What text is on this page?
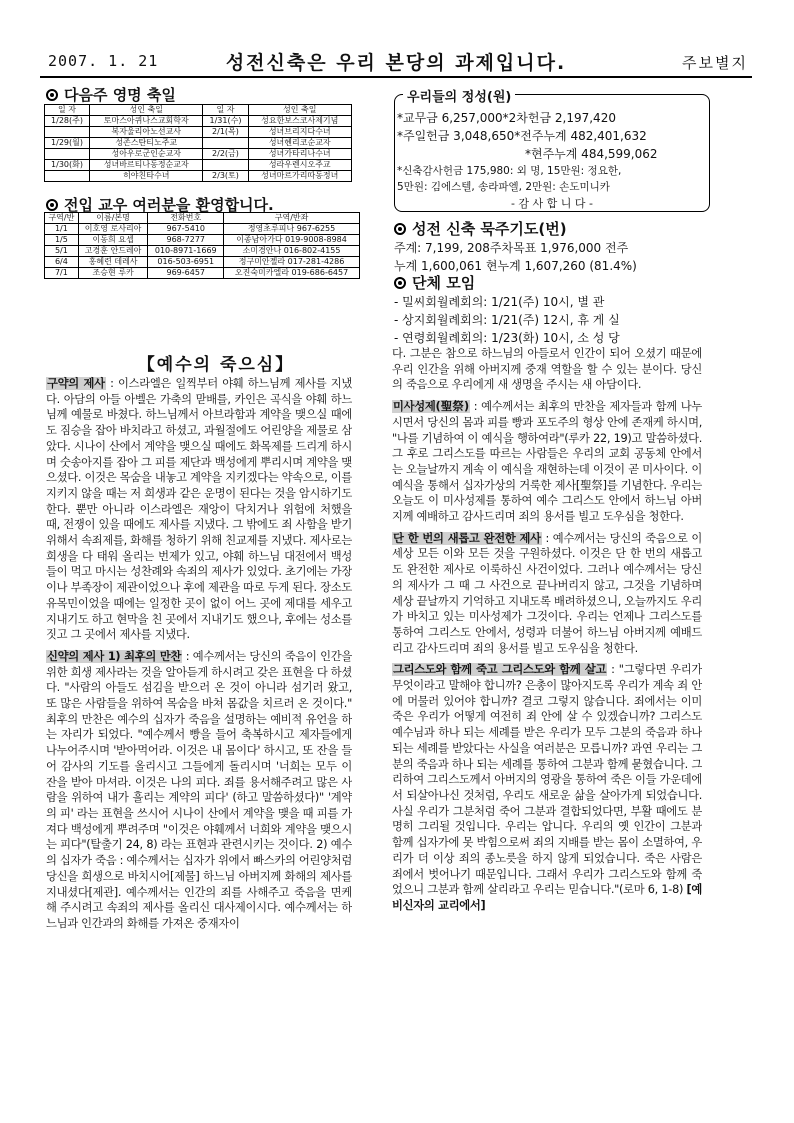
2007. 1. 21	성전신축은 우리 본당의 과제입니다.	주보별지
다음주 영명 축일
일 자	성인 축일	일 자	성인 축일
1/28(주)	토마스아퀴나스교회학자	1/31(수)	성요한보스코사제기념
	복자울리아노선교사	2/1(목)	성녀브리지다수녀
1/29(월)	성존스탄티노주교		성녀헨리코순교자
	성아우로군인순교자	2/2(금)	성녀가타리나수녀
1/30(화)	성녀바르티나동정순교자		성라우렌시오주교
	히야친타수녀	2/3(토)	성녀마르가리따동정녀
전입 교우 여러분을 환영합니다.
구역/반	이름/본명	전화번호	구역/반좌
1/1	이호영 로사리아	967-5410	정영초루피나 967-6255
1/5	이동희 요셉	968-7277	이종남아가다 019-9008-8984
5/1	고경훈 안드레아	010-8971-1669	소미경안나 016-802-4155
6/4	홍혜련 데레사	016-503-6951	정구미안젤라 017-281-4286
7/1	조승현 루카	969-6457	오진숙미카엘라 019-686-6457
우리들의 정성(원)
*교무금 6,257,000*2차헌금 2,197,420
*주일헌금 3,048,650*전주누계 482,401,632
*현주누계 484,599,062
*신축감사헌금 175,980: 외 명, 15만원: 정요한,
5만원: 김에스텔, 송라파엘, 2만원: 손도미니카
- 감 사 합 니 다 -
성전 신축 묵주기도(번)
주계: 7,199, 208주차목표 1,976,000 전주
누계 1,600,061 현누계 1,607,260 (81.4%)
단체 모임
- 밀씨회월례회의: 1/21(주) 10시, 별 관
- 상지회월례회의: 1/21(주) 12시, 휴 게 실
- 연령회월례회의: 1/23(화) 10시, 소 성 당
【예수의 죽으심】

구약의 제사 : 이스라엘은 일찍부터 야훼 하느님께 제사를 지냈다. 아담의 아들 아벨은 가축의 맏배를, 카인은 곡식을 야훼 하느님께 예물로 바쳤다. 하느님께서 아브라함과 계약을 맺으실 때에도 짐승을 잡아 바치라고 하셨고, 과월절에도 어린양을 제물로 삼았다. 시나이 산에서 계약을 맺으실 때에도 화목제를 드리게 하시며 숫송아지를 잡아 그 피를 제단과 백성에게 뿌리시며 계약을 맺으셨다. 이것은 목숨을 내놓고 계약을 지키겠다는 약속으로, 이를 지키지 않을 때는 저 희생과 같은 운명이 된다는 것을 암시하기도 한다. 뿐만 아니라 이스라엘은 재앙이 닥치거나 위험에 처했을 때, 전쟁이 있을 때에도 제사를 지냈다. 그 밖에도 죄 사함을 받기 위해서 속죄제를, 화해를 청하기 위해 친교제를 지냈다. 제사로는 희생을 다 태워 올리는 번제가 있고, 야훼 하느님 대전에서 백성들이 먹고 마시는 성찬례와 속죄의 제사가 있었다. 초기에는 가장이나 부족장이 제관이었으나 후에 제관을 따로 두게 된다. 장소도 유목민이었을 때에는 일정한 곳이 없이 어느 곳에 제대를 세우고 지내기도 하고 현막을 친 곳에서 지내기도 했으나, 후에는 성소를 짓고 그 곳에서 제사를 지냈다.

신약의 제사 1) 최후의 만찬 : 예수께서는 당신의 죽음이 인간을 위한 희생 제사라는 것을 알아듣게 하시려고 갖은 표현을 다 하셨다. "사람의 아들도 섬김을 받으러 온 것이 아니라 섬기러 왔고, 또 많은 사람들을 위하여 목숨을 바쳐 몸값을 치르러 온 것이다." 최후의 만찬은 예수의 십자가 죽음을 설명하는 예비적 유언을 하는 자리가 되었다. "예수께서 빵을 들어 축복하시고 제자들에게 나누어주시며 '받아먹어라. 이것은 내 몸이다' 하시고, 또 잔을 들어 감사의 기도를 올리시고 그들에게 돌리시며 '너희는 모두 이 잔을 받아 마셔라. 이것은 나의 피다. 죄를 용서해주려고 많은 사람을 위하여 내가 흘리는 계약의 피다' (하고 말씀하셨다)" '계약의 피' 라는 표현을 쓰시어 시나이 산에서 계약을 맺을 때 피를 가져다 백성에게 뿌려주며 "이것은 야훼께서 너희와 계약을 맺으시는 피다"(탈출기 24, 8) 라는 표현과 관련시키는 것이다. 2) 예수의 십자가 죽음 : 예수께서는 십자가 위에서 빠스카의 어린양처럼 당신을 희생으로 바치시어[제물] 하느님 아버지께 화해의 제사를 지내셨다[제관]. 예수께서는 인간의 죄를 사해주고 죽음을 면케 해 주시려고 속죄의 제사를 올리신 대사제이시다. 예수께서는 하느님과 인간과의 화해를 가져온 중재자이

다. 그분은 참으로 하느님의 아들로서 인간이 되어 오셨기 때문에 우리 인간을 위해 아버지께 중재 역할을 할 수 있는 분이다. 당신의 죽음으로 우리에게 새 생명을 주시는 새 아담이다.

미사성제(聖祭) : 예수께서는 최후의 만찬을 제자들과 함께 나누시면서 당신의 몸과 피를 빵과 포도주의 형상 안에 존재케 하시며, "나를 기념하여 이 예식을 행하여라"(루카 22, 19)고 말씀하셨다. 그 후로 그리스도를 따르는 사람들은 우리의 교회 공동체 안에서는 오늘날까지 계속 이 예식을 재현하는데 이것이 곧 미사이다. 이 예식을 통해서 십자가상의 거룩한 제사[聖祭]를 기념한다. 우리는 오늘도 이 미사성제를 통하여 예수 그리스도 안에서 하느님 아버지께 예배하고 감사드리며 죄의 용서를 빌고 도우심을 청한다.

단 한 번의 새롭고 완전한 제사 : 예수께서는 당신의 죽음으로 이 세상 모든 이와 모든 것을 구원하셨다. 이것은 단 한 번의 새롭고도 완전한 제사로 이룩하신 사건이었다. 그러나 예수께서는 당신의 제사가 그 때 그 사건으로 끝나버리지 않고, 그것을 기념하며 세상 끝날까지 기억하고 지내도록 배려하셨으니, 오늘까지도 우리가 바치고 있는 미사성제가 그것이다. 우리는 언제나 그리스도를 통하여 그리스도 안에서, 성령과 더불어 하느님 아버지께 예배드리고 감사드리며 죄의 용서를 빌고 도우심을 청한다.

그리스도와 함께 죽고 그리스도와 함께 살고 : "그렇다면 우리가 무엇이라고 말해야 합니까? 은총이 많아지도록 우리가 계속 죄 안에 머물러 있어야 합니까? 결코 그렇지 않습니다. 죄에서는 이미 죽은 우리가 어떻게 여전히 죄 안에 살 수 있겠습니까? 그리스도 예수님과 하나 되는 세례를 받은 우리가 모두 그분의 죽음과 하나 되는 세례를 받았다는 사실을 여러분은 모릅니까? 과연 우리는 그분의 죽음과 하나 되는 세례를 통하여 그분과 함께 묻혔습니다. 그리하여 그리스도께서 아버지의 영광을 통하여 죽은 이들 가운데에서 되살아나신 것처럼, 우리도 새로운 삶을 살아가게 되었습니다. 사실 우리가 그분처럼 죽어 그분과 결합되었다면, 부활 때에도 분명히 그리될 것입니다. 우리는 압니다. 우리의 옛 인간이 그분과 함께 십자가에 못 박힘으로써 죄의 지배를 받는 몸이 소멸하여, 우리가 더 이상 죄의 종노릇을 하지 않게 되었습니다. 죽은 사람은 죄에서 벗어나기 때문입니다. 그래서 우리가 그리스도와 함께 죽었으니 그분과 함께 살리라고 우리는 믿습니다."(로마 6, 1-8) [예비신자의 교리에서]
